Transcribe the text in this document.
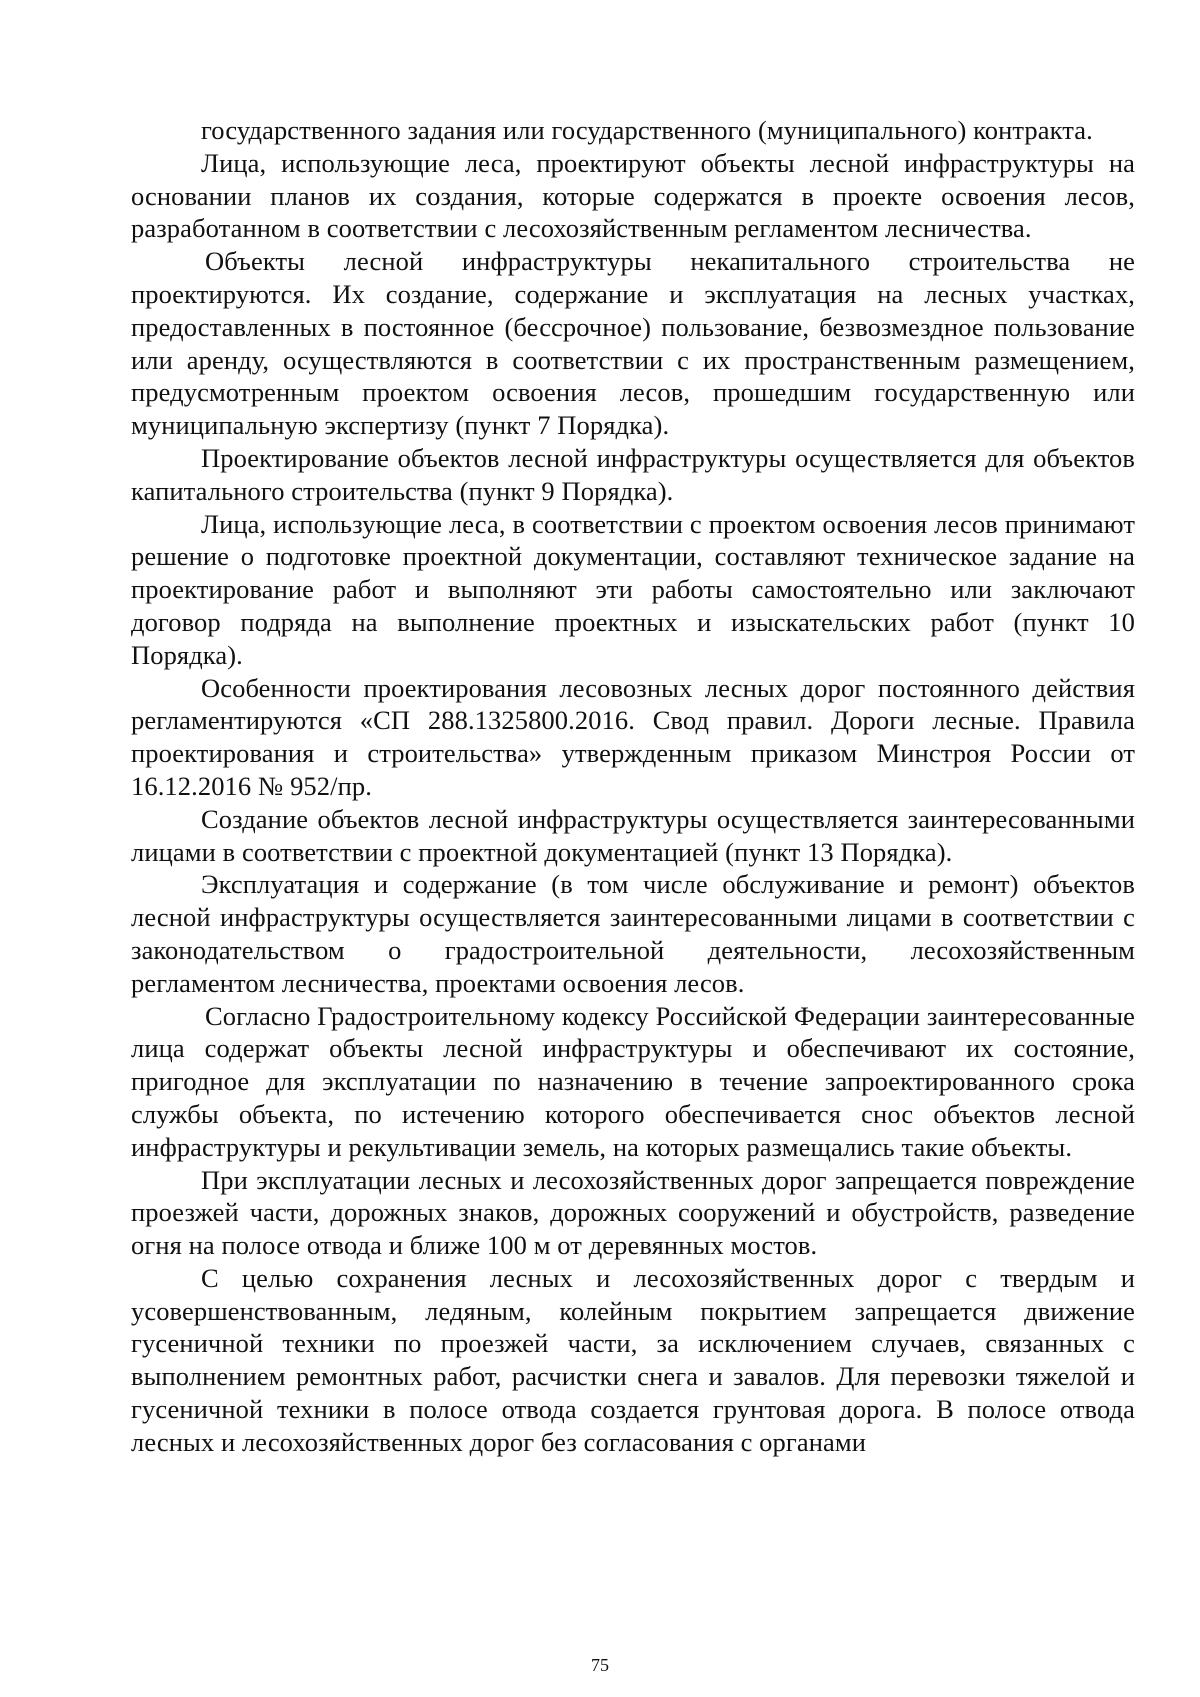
государственного задания или государственного (муниципального) контракта.

Лица, использующие леса, проектируют объекты лесной инфраструктуры на основании планов их создания, которые содержатся в проекте освоения лесов, разработанном в соответствии с лесохозяйственным регламентом лесничества.

Объекты лесной инфраструктуры некапитального строительства не проектируются. Их создание, содержание и эксплуатация на лесных участках, предоставленных в постоянное (бессрочное) пользование, безвозмездное пользование или аренду, осуществляются в соответствии с их пространственным размещением, предусмотренным проектом освоения лесов, прошедшим государственную или муниципальную экспертизу (пункт 7 Порядка).

Проектирование объектов лесной инфраструктуры осуществляется для объектов капитального строительства (пункт 9 Порядка).

Лица, использующие леса, в соответствии с проектом освоения лесов принимают решение о подготовке проектной документации, составляют техническое задание на проектирование работ и выполняют эти работы самостоятельно или заключают договор подряда на выполнение проектных и изыскательских работ (пункт 10 Порядка).

Особенности проектирования лесовозных лесных дорог постоянного действия регламентируются «СП 288.1325800.2016. Свод правил. Дороги лесные. Правила проектирования и строительства» утвержденным приказом Минстроя России от 16.12.2016 № 952/пр.

Создание объектов лесной инфраструктуры осуществляется заинтересованными лицами в соответствии с проектной документацией (пункт 13 Порядка).

Эксплуатация и содержание (в том числе обслуживание и ремонт) объектов лесной инфраструктуры осуществляется заинтересованными лицами в соответствии с законодательством о градостроительной деятельности, лесохозяйственным регламентом лесничества, проектами освоения лесов.

Согласно Градостроительному кодексу Российской Федерации заинтересованные лица содержат объекты лесной инфраструктуры и обеспечивают их состояние, пригодное для эксплуатации по назначению в течение запроектированного срока службы объекта, по истечению которого обеспечивается снос объектов лесной инфраструктуры и рекультивации земель, на которых размещались такие объекты.

При эксплуатации лесных и лесохозяйственных дорог запрещается повреждение проезжей части, дорожных знаков, дорожных сооружений и обустройств, разведение огня на полосе отвода и ближе 100 м от деревянных мостов.

С целью сохранения лесных и лесохозяйственных дорог с твердым и усовершенствованным, ледяным, колейным покрытием запрещается движение гусеничной техники по проезжей части, за исключением случаев, связанных с выполнением ремонтных работ, расчистки снега и завалов. Для перевозки тяжелой и гусеничной техники в полосе отвода создается грунтовая дорога. В полосе отвода лесных и лесохозяйственных дорог без согласования с органами

75
